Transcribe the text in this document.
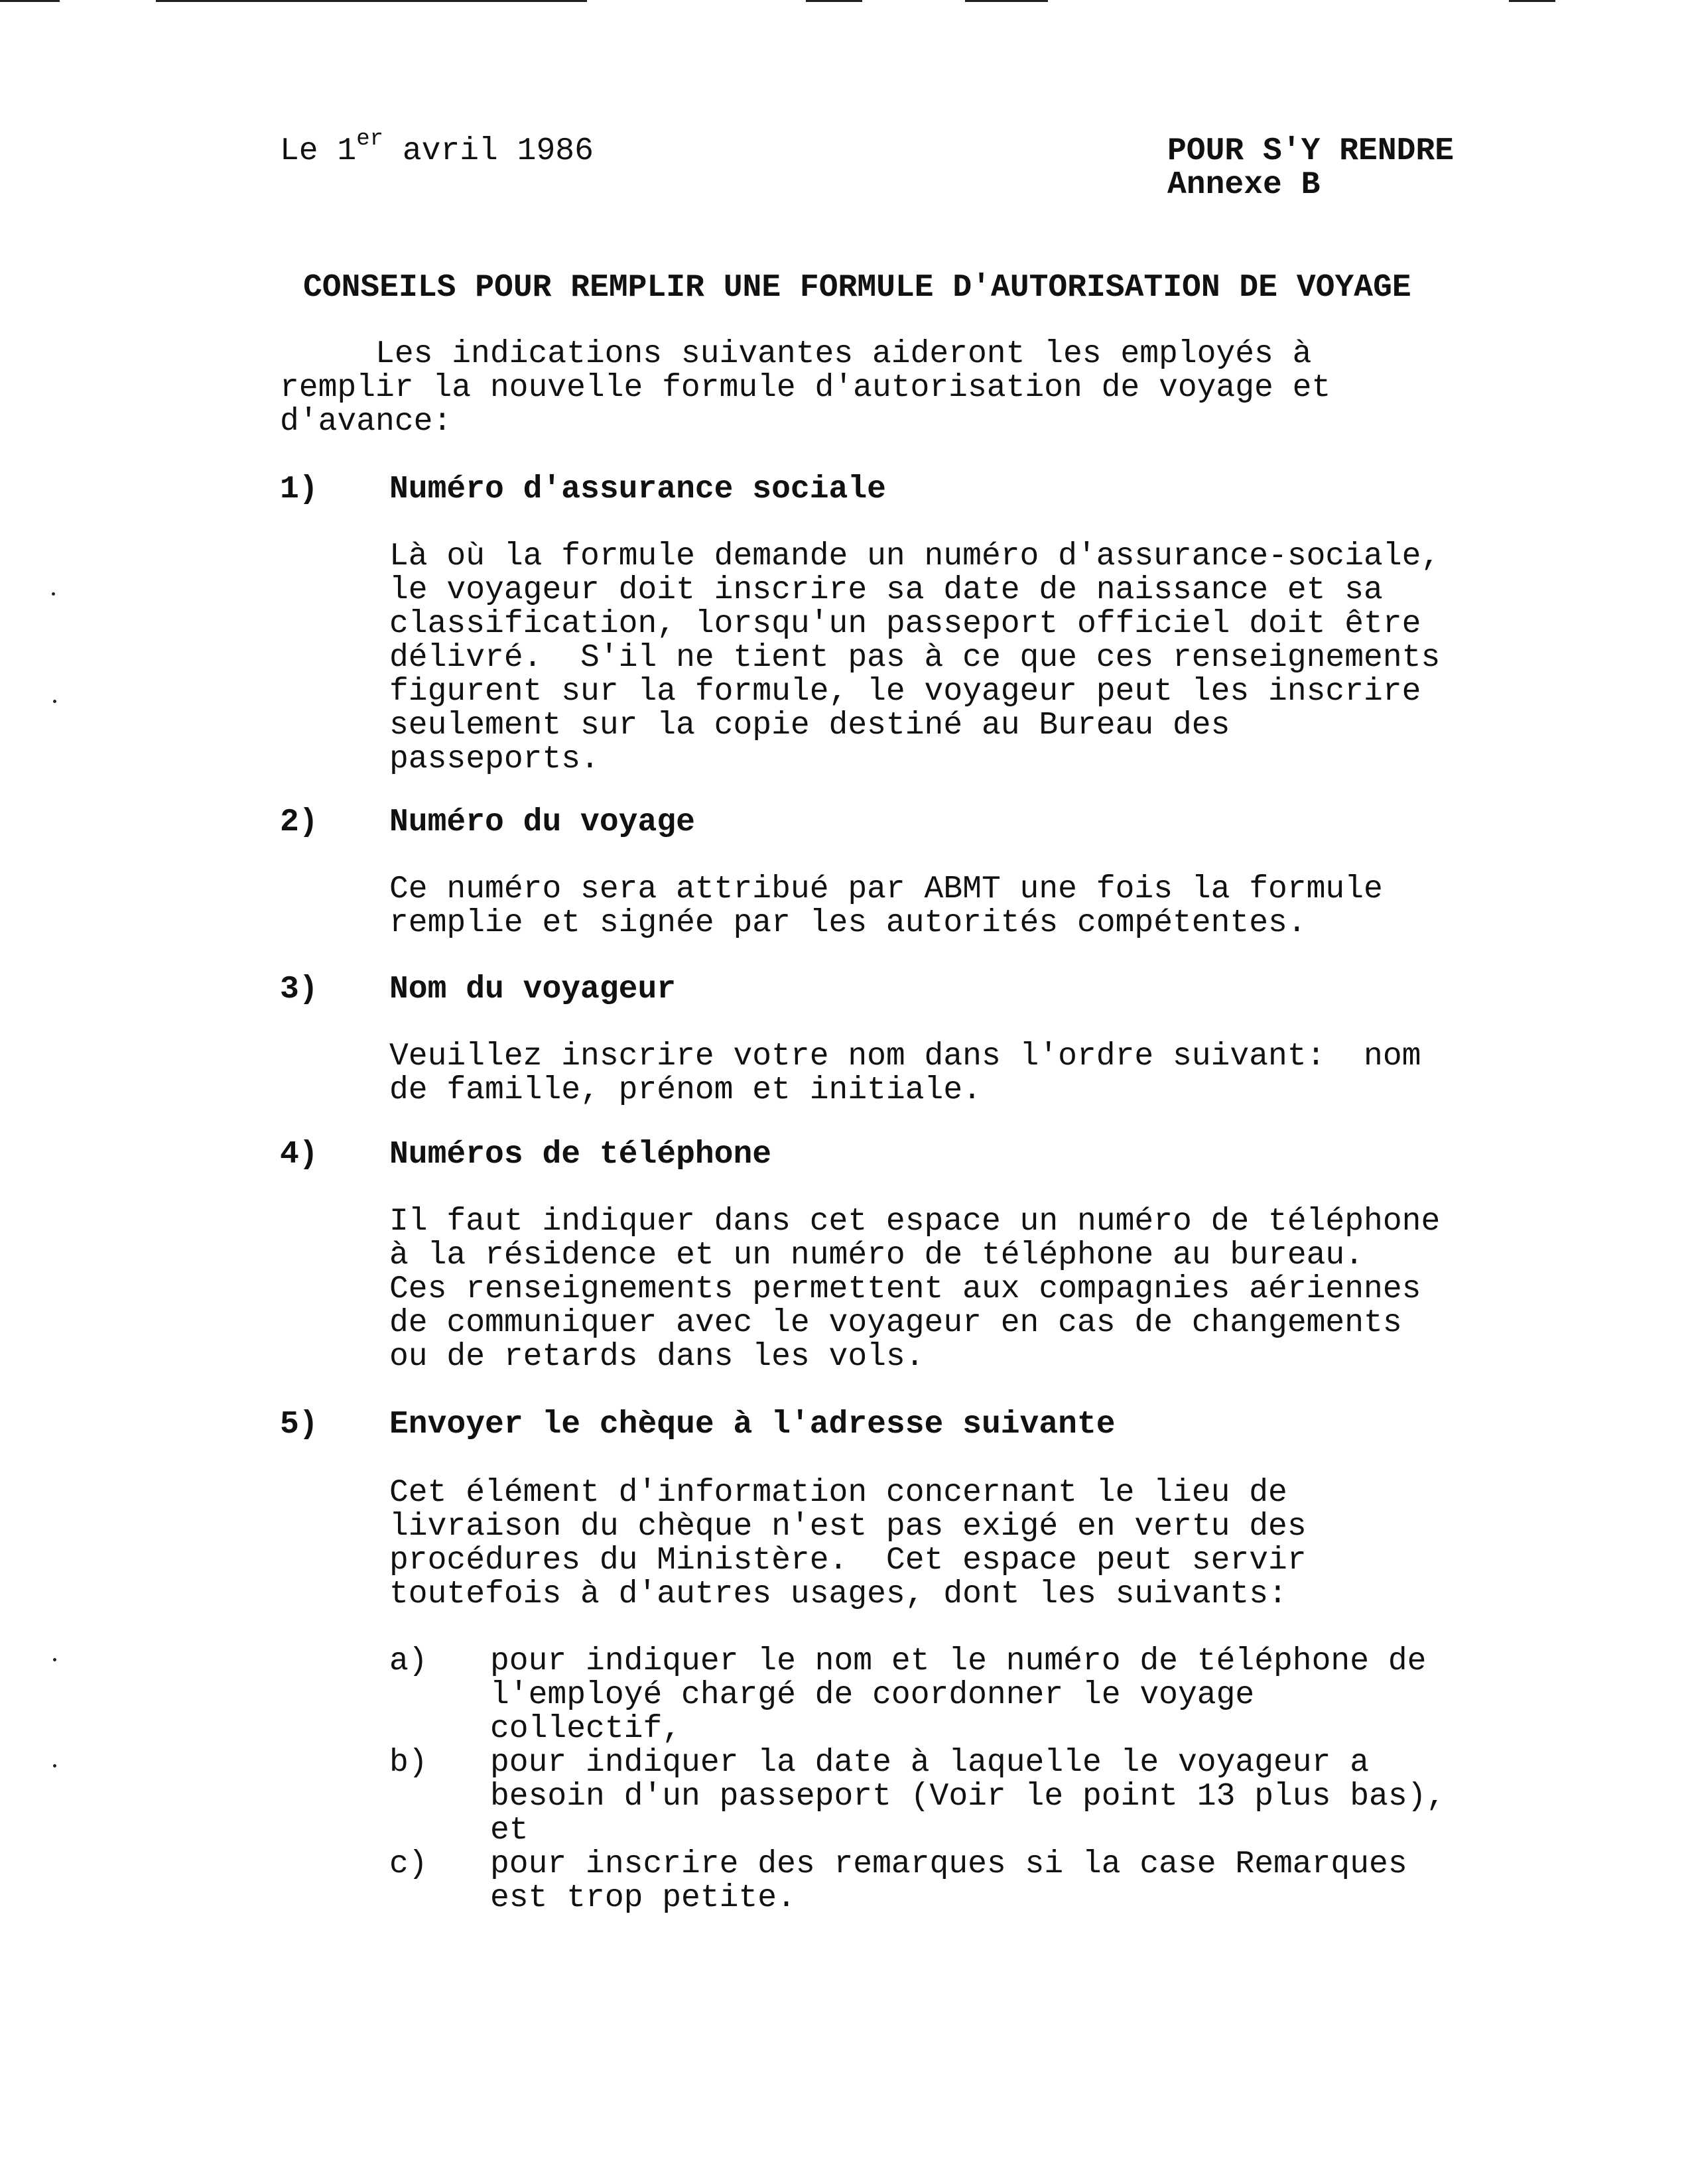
Le 1er avril 1986	POUR S'Y RENDRE
Annexe B
CONSEILS POUR REMPLIR UNE FORMULE D'AUTORISATION DE VOYAGE
Les indications suivantes aideront les employés à
remplir la nouvelle formule d'autorisation de voyage et
d'avance:
1) Numéro d'assurance sociale
Là où la formule demande un numéro d'assurance-sociale,
le voyageur doit inscrire sa date de naissance et sa
classification, lorsqu'un passeport officiel doit être
délivré.  S'il ne tient pas à ce que ces renseignements
figurent sur la formule, le voyageur peut les inscrire
seulement sur la copie destiné au Bureau des
passeports.
2) Numéro du voyage
Ce numéro sera attribué par ABMT une fois la formule
remplie et signée par les autorités compétentes.
3) Nom du voyageur
Veuillez inscrire votre nom dans l'ordre suivant:  nom
de famille, prénom et initiale.
4) Numéros de téléphone
Il faut indiquer dans cet espace un numéro de téléphone
à la résidence et un numéro de téléphone au bureau.
Ces renseignements permettent aux compagnies aériennes
de communiquer avec le voyageur en cas de changements
ou de retards dans les vols.
5) Envoyer le chèque à l'adresse suivante
Cet élément d'information concernant le lieu de
livraison du chèque n'est pas exigé en vertu des
procédures du Ministère.  Cet espace peut servir
toutefois à d'autres usages, dont les suivants:
a) pour indiquer le nom et le numéro de téléphone de
l'employé chargé de coordonner le voyage
collectif,
b) pour indiquer la date à laquelle le voyageur a
besoin d'un passeport (Voir le point 13 plus bas),
et
c) pour inscrire des remarques si la case Remarques
est trop petite.
